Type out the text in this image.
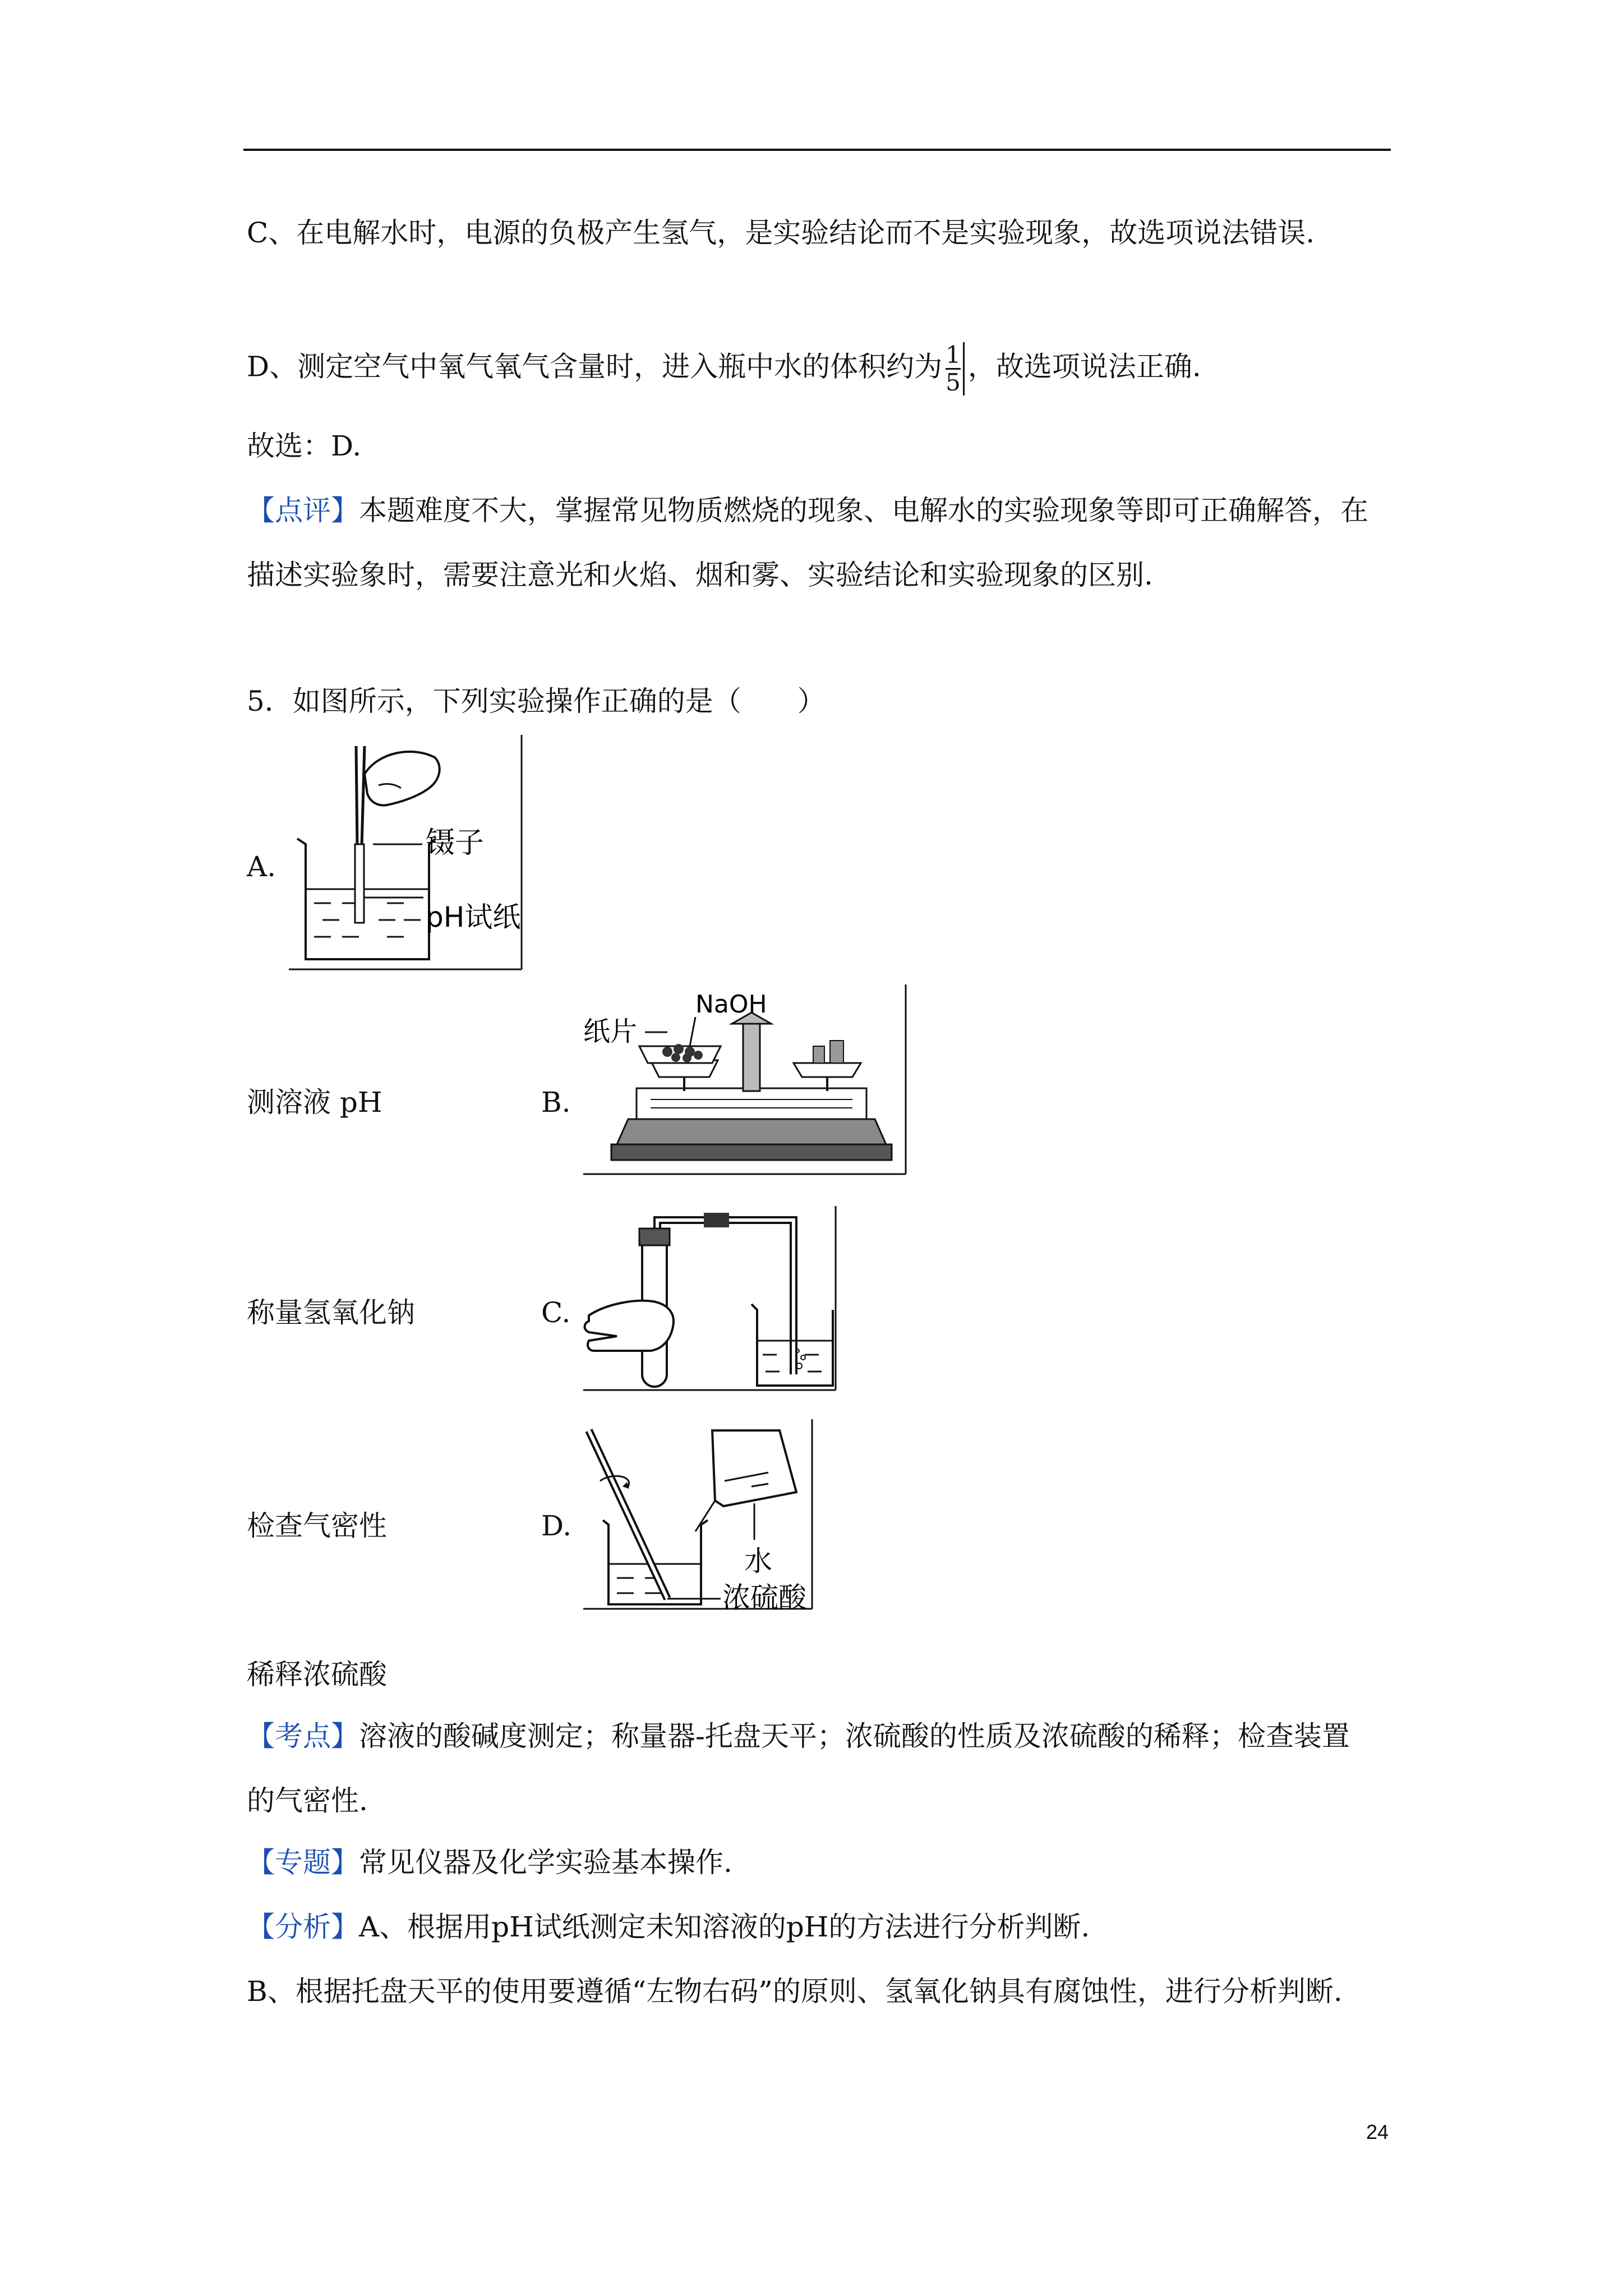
C、在电解水时，电源的负极产生氢气，是实验结论而不是实验现象，故选项说法错误.
D、测定空气中氧气氧气含量时，进入瓶中水的体积约为 $\frac{1}{5}$ ，故选项说法正确.
故选：D.
【点评】本题难度不大，掌握常见物质燃烧的现象、电解水的实验现象等即可正确解答，在
描述实验象时，需要注意光和火焰、烟和雾、实验结论和实验现象的区别.
5．如图所示，下列实验操作正确的是（　　）
A.
镊子
pH试纸
测溶液 pH	B.
NaOH
纸片
称量氢氧化钠	C.
检查气密性	D.
水
浓硫酸
稀释浓硫酸
【考点】溶液的酸碱度测定；称量器-托盘天平；浓硫酸的性质及浓硫酸的稀释；检查装置
的气密性.
【专题】常见仪器及化学实验基本操作.
【分析】A、根据用pH试纸测定未知溶液的pH的方法进行分析判断.
B、根据托盘天平的使用要遵循“左物右码”的原则、氢氧化钠具有腐蚀性，进行分析判断.
24
